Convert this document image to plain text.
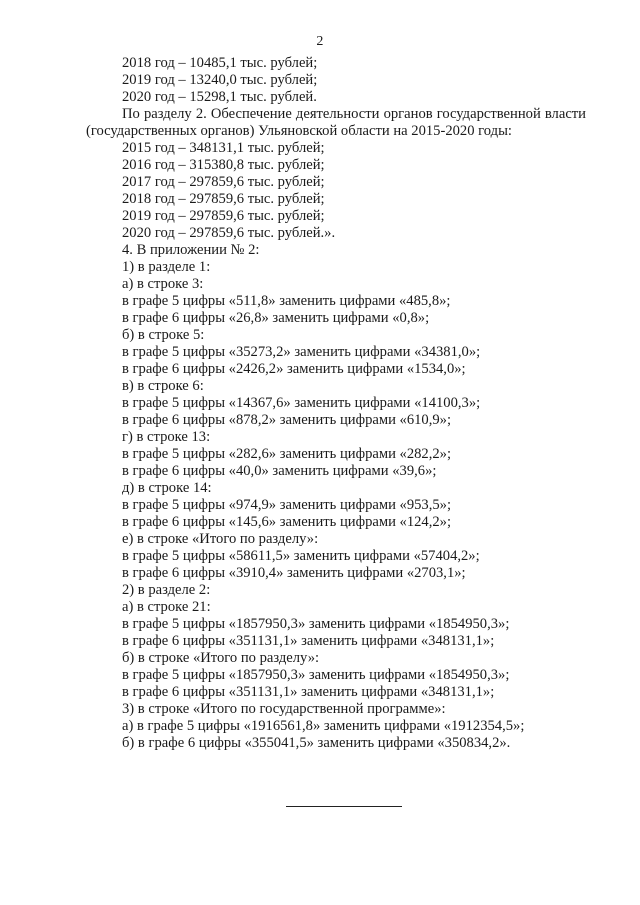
2
2018 год – 10485,1 тыс. рублей;
2019 год – 13240,0 тыс. рублей;
2020 год – 15298,1 тыс. рублей.
По разделу 2. Обеспечение деятельности органов государственной власти (государственных органов) Ульяновской области на 2015-2020 годы:
2015 год – 348131,1 тыс. рублей;
2016 год – 315380,8 тыс. рублей;
2017 год – 297859,6 тыс. рублей;
2018 год – 297859,6 тыс. рублей;
2019 год – 297859,6 тыс. рублей;
2020 год – 297859,6 тыс. рублей.».
4. В приложении № 2:
1) в разделе 1:
а) в строке 3:
в графе 5 цифры «511,8» заменить цифрами «485,8»;
в графе 6 цифры «26,8» заменить цифрами «0,8»;
б) в строке 5:
в графе 5 цифры «35273,2» заменить цифрами «34381,0»;
в графе 6 цифры «2426,2» заменить цифрами «1534,0»;
в) в строке 6:
в графе 5 цифры «14367,6» заменить цифрами «14100,3»;
в графе 6 цифры «878,2» заменить цифрами «610,9»;
г) в строке 13:
в графе 5 цифры «282,6» заменить цифрами «282,2»;
в графе 6 цифры «40,0» заменить цифрами «39,6»;
д) в строке 14:
в графе 5 цифры «974,9» заменить цифрами «953,5»;
в графе 6 цифры «145,6» заменить цифрами «124,2»;
е) в строке «Итого по разделу»:
в графе 5 цифры «58611,5» заменить цифрами «57404,2»;
в графе 6 цифры «3910,4» заменить цифрами «2703,1»;
2) в разделе 2:
а) в строке 21:
в графе 5 цифры «1857950,3» заменить цифрами «1854950,3»;
в графе 6 цифры «351131,1» заменить цифрами «348131,1»;
б) в строке «Итого по разделу»:
в графе 5 цифры «1857950,3» заменить цифрами «1854950,3»;
в графе 6 цифры «351131,1» заменить цифрами «348131,1»;
3) в строке «Итого по государственной программе»:
а) в графе 5 цифры «1916561,8» заменить цифрами «1912354,5»;
б) в графе 6 цифры «355041,5» заменить цифрами «350834,2».
